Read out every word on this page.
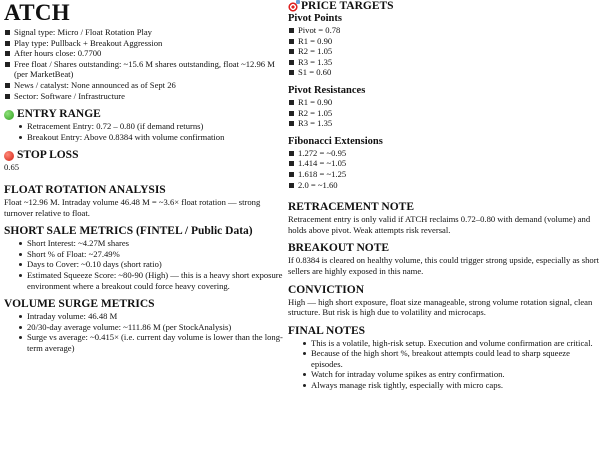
ATCH
Signal type: Micro / Float Rotation Play
Play type: Pullback + Breakout Aggression
After hours close: 0.7700
Free float / Shares outstanding: ~15.6 M shares outstanding, float ~12.96 M (per MarketBeat)
News / catalyst: None announced as of Sept 26
Sector: Software / Infrastructure
ENTRY RANGE
Retracement Entry: 0.72 – 0.80 (if demand returns)
Breakout Entry: Above 0.8384 with volume confirmation
STOP LOSS

0.65

FLOAT ROTATION ANALYSIS

Float ~12.96 M. Intraday volume 46.48 M = ~3.6× float rotation — strong turnover relative to float.

SHORT SALE METRICS (FINTEL / Public Data)
Short Interest: ~4.27M shares
Short % of Float: ~27.49%
Days to Cover: ~0.10 days (short ratio)
Estimated Squeeze Score: ~80-90 (High) — this is a heavy short exposure environment where a breakout could force heavy covering.
VOLUME SURGE METRICS
Intraday volume: 46.48 M
20/30-day average volume: ~111.86 M (per StockAnalysis)
Surge vs average: ~0.415× (i.e. current day volume is lower than the long-term average)
PRICE TARGETS
Pivot Points
Pivot = 0.78
R1 = 0.90
R2 = 1.05
R3 = 1.35
S1 = 0.60
Pivot Resistances
R1 = 0.90
R2 = 1.05
R3 = 1.35
Fibonacci Extensions
1.272 = ~0.95
1.414 = ~1.05
1.618 = ~1.25
2.0 = ~1.60
RETRACEMENT NOTE

Retracement entry is only valid if ATCH reclaims 0.72–0.80 with demand (volume) and holds above pivot. Weak attempts risk reversal.

BREAKOUT NOTE

If 0.8384 is cleared on healthy volume, this could trigger strong upside, especially as short sellers are highly exposed in this name.

CONVICTION

High — high short exposure, float size manageable, strong volume rotation signal, clean structure. But risk is high due to volatility and microcaps.

FINAL NOTES
This is a volatile, high-risk setup. Execution and volume confirmation are critical.
Because of the high short %, breakout attempts could lead to sharp squeeze episodes.
Watch for intraday volume spikes as entry confirmation.
Always manage risk tightly, especially with micro caps.
